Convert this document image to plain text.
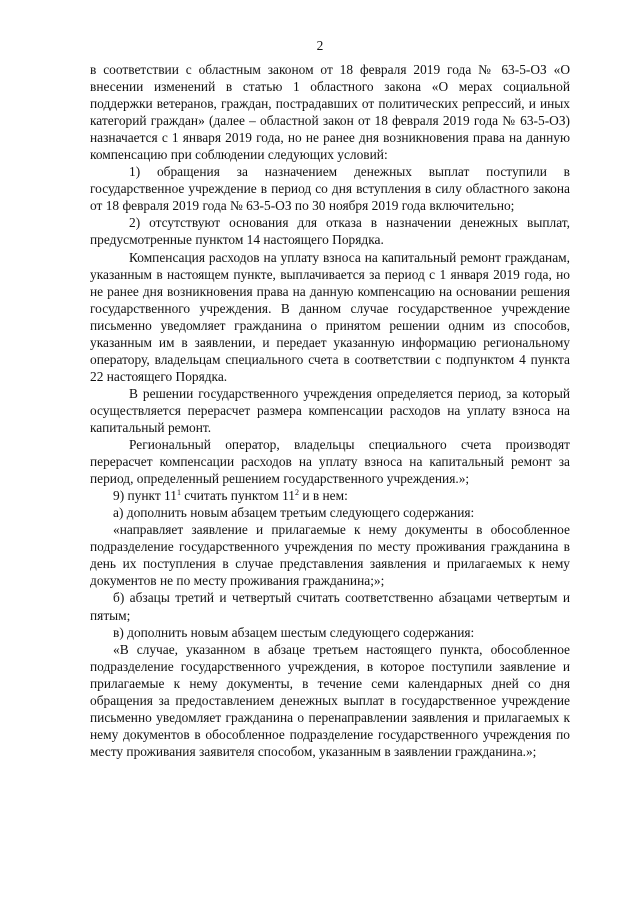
2

в соответствии с областным законом от 18 февраля 2019 года № 63-5-ОЗ «О внесении изменений в статью 1 областного закона «О мерах социальной поддержки ветеранов, граждан, пострадавших от политических репрессий, и иных категорий граждан» (далее – областной закон от 18 февраля 2019 года № 63-5-ОЗ) назначается с 1 января 2019 года, но не ранее дня возникновения права на данную компенсацию при соблюдении следующих условий:

1) обращения за назначением денежных выплат поступили в государственное учреждение в период со дня вступления в силу областного закона от 18 февраля 2019 года № 63-5-ОЗ по 30 ноября 2019 года включительно;

2) отсутствуют основания для отказа в назначении денежных выплат, предусмотренные пунктом 14 настоящего Порядка.

Компенсация расходов на уплату взноса на капитальный ремонт гражданам, указанным в настоящем пункте, выплачивается за период с 1 января 2019 года, но не ранее дня возникновения права на данную компенсацию на основании решения государственного учреждения. В данном случае государственное учреждение письменно уведомляет гражданина о принятом решении одним из способов, указанным им в заявлении, и передает указанную информацию региональному оператору, владельцам специального счета в соответствии с подпунктом 4 пункта 22 настоящего Порядка.

В решении государственного учреждения определяется период, за который осуществляется перерасчет размера компенсации расходов на уплату взноса на капитальный ремонт.

Региональный оператор, владельцы специального счета производят перерасчет компенсации расходов на уплату взноса на капитальный ремонт за период, определенный решением государственного учреждения.»;

9) пункт $11^1$ считать пунктом $11^2$ и в нем:

а) дополнить новым абзацем третьим следующего содержания:

«направляет заявление и прилагаемые к нему документы в обособленное подразделение государственного учреждения по месту проживания гражданина в день их поступления в случае представления заявления и прилагаемых к нему документов не по месту проживания гражданина;»;

б) абзацы третий и четвертый считать соответственно абзацами четвертым и пятым;

в) дополнить новым абзацем шестым следующего содержания:

«В случае, указанном в абзаце третьем настоящего пункта, обособленное подразделение государственного учреждения, в которое поступили заявление и прилагаемые к нему документы, в течение семи календарных дней со дня обращения за предоставлением денежных выплат в государственное учреждение письменно уведомляет гражданина о перенаправлении заявления и прилагаемых к нему документов в обособленное подразделение государственного учреждения по месту проживания заявителя способом, указанным в заявлении гражданина.»;
